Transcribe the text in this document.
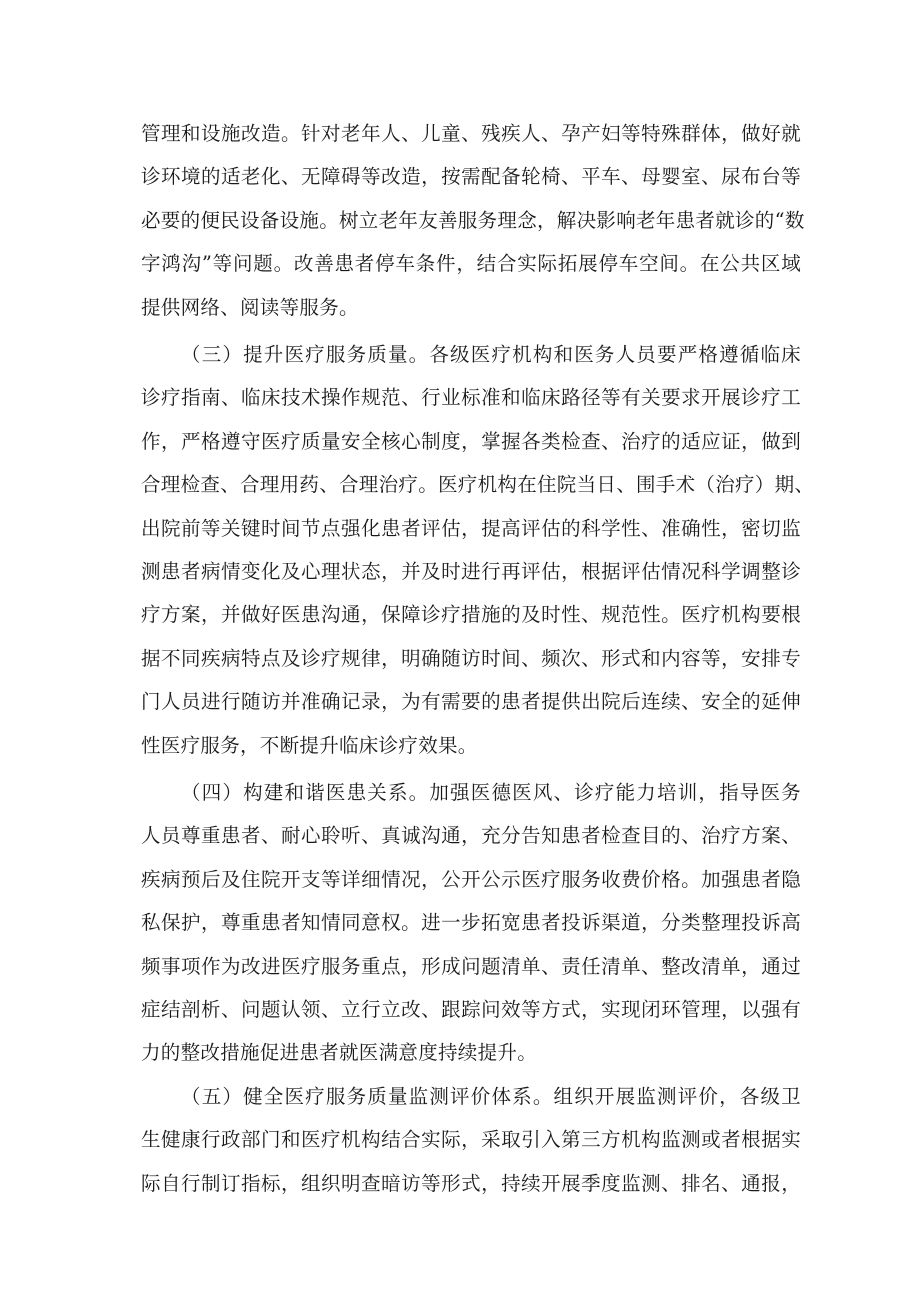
管理和设施改造。针对老年人、儿童、残疾人、孕产妇等特殊群体，做好就
诊环境的适老化、无障碍等改造，按需配备轮椅、平车、母婴室、尿布台等
必要的便民设备设施。树立老年友善服务理念，解决影响老年患者就诊的“数
字鸿沟”等问题。改善患者停车条件，结合实际拓展停车空间。在公共区域
提供网络、阅读等服务。
（三）提升医疗服务质量。各级医疗机构和医务人员要严格遵循临床
诊疗指南、临床技术操作规范、行业标准和临床路径等有关要求开展诊疗工
作，严格遵守医疗质量安全核心制度，掌握各类检查、治疗的适应证，做到
合理检查、合理用药、合理治疗。医疗机构在住院当日、围手术（治疗）期、
出院前等关键时间节点强化患者评估，提高评估的科学性、准确性，密切监
测患者病情变化及心理状态，并及时进行再评估，根据评估情况科学调整诊
疗方案，并做好医患沟通，保障诊疗措施的及时性、规范性。医疗机构要根
据不同疾病特点及诊疗规律，明确随访时间、频次、形式和内容等，安排专
门人员进行随访并准确记录，为有需要的患者提供出院后连续、安全的延伸
性医疗服务，不断提升临床诊疗效果。
（四）构建和谐医患关系。加强医德医风、诊疗能力培训，指导医务
人员尊重患者、耐心聆听、真诚沟通，充分告知患者检查目的、治疗方案、
疾病预后及住院开支等详细情况，公开公示医疗服务收费价格。加强患者隐
私保护，尊重患者知情同意权。进一步拓宽患者投诉渠道，分类整理投诉高
频事项作为改进医疗服务重点，形成问题清单、责任清单、整改清单，通过
症结剖析、问题认领、立行立改、跟踪问效等方式，实现闭环管理，以强有
力的整改措施促进患者就医满意度持续提升。
（五）健全医疗服务质量监测评价体系。组织开展监测评价，各级卫
生健康行政部门和医疗机构结合实际，采取引入第三方机构监测或者根据实
际自行制订指标，组织明查暗访等形式，持续开展季度监测、排名、通报，
